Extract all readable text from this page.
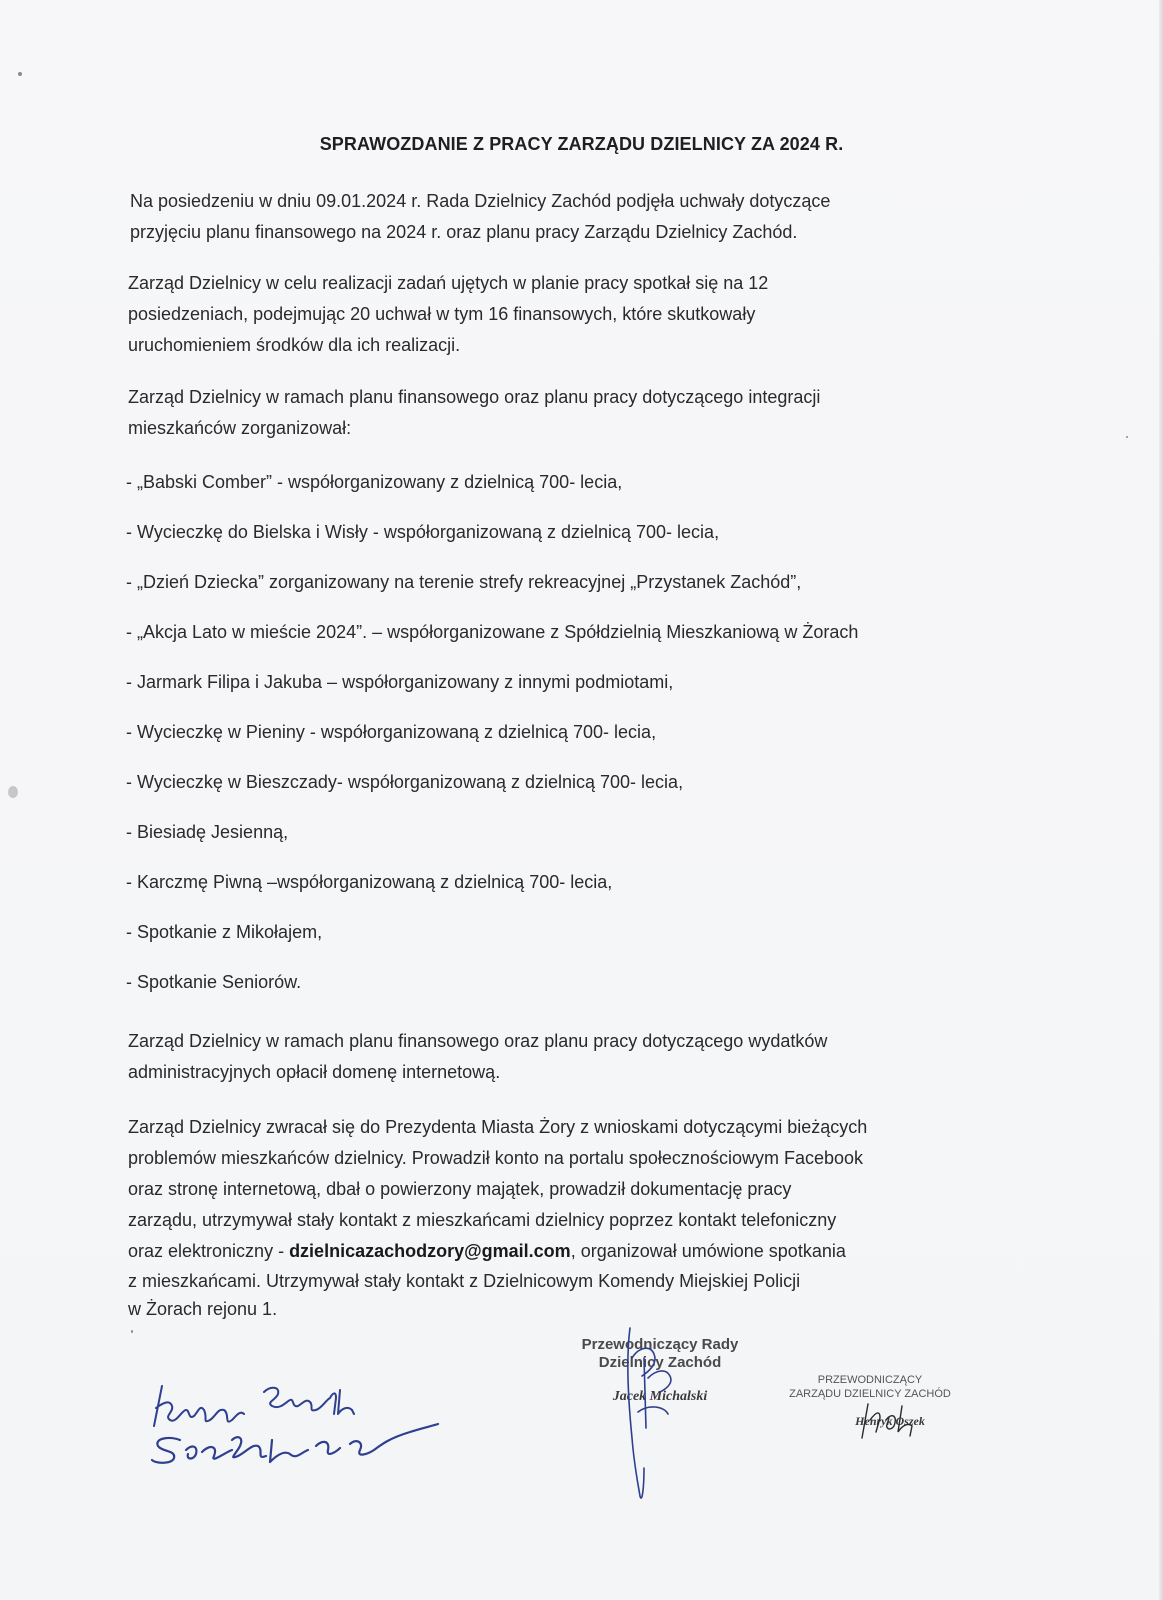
SPRAWOZDANIE Z PRACY ZARZĄDU DZIELNICY ZA 2024 R.
Na posiedzeniu w dniu 09.01.2024 r. Rada Dzielnicy Zachód podjęła uchwały dotyczące
przyjęciu planu finansowego na 2024 r. oraz planu pracy Zarządu Dzielnicy Zachód.
Zarząd Dzielnicy w celu realizacji zadań ujętych w planie pracy spotkał się na 12
posiedzeniach, podejmując 20 uchwał w tym 16 finansowych, które skutkowały
uruchomieniem środków dla ich realizacji.
Zarząd Dzielnicy w ramach planu finansowego oraz planu pracy dotyczącego integracji
mieszkańców zorganizował:
- „Babski Comber” - współorganizowany z dzielnicą 700- lecia,
- Wycieczkę do Bielska i Wisły - współorganizowaną z dzielnicą 700- lecia,
- „Dzień Dziecka” zorganizowany na terenie strefy rekreacyjnej „Przystanek Zachód”,
- „Akcja Lato w mieście 2024”. – współorganizowane z Spółdzielnią Mieszkaniową w Żorach
- Jarmark Filipa i Jakuba – współorganizowany z innymi podmiotami,
- Wycieczkę w Pieniny - współorganizowaną z dzielnicą 700- lecia,
- Wycieczkę w Bieszczady- współorganizowaną z dzielnicą 700- lecia,
- Biesiadę Jesienną,
- Karczmę Piwną –współorganizowaną z dzielnicą 700- lecia,
- Spotkanie z Mikołajem,
- Spotkanie Seniorów.
Zarząd Dzielnicy w ramach planu finansowego oraz planu pracy dotyczącego wydatków
administracyjnych opłacił domenę internetową.
Zarząd Dzielnicy zwracał się do Prezydenta Miasta Żory z wnioskami dotyczącymi bieżących
problemów mieszkańców dzielnicy. Prowadził konto na portalu społecznościowym Facebook
oraz stronę internetową, dbał o powierzony majątek, prowadził dokumentację pracy
zarządu, utrzymywał stały kontakt z mieszkańcami dzielnicy poprzez kontakt telefoniczny
oraz elektroniczny - dzielnicazachodzory@gmail.com, organizował umówione spotkania
z mieszkańcami. Utrzymywał stały kontakt z Dzielnicowym Komendy Miejskiej Policji
w Żorach rejonu 1.
Przewodniczący Rady
Dzielnicy Zachód
Jacek Michalski
PRZEWODNICZĄCY
ZARZĄDU DZIELNICY ZACHÓD
Henryk Oszek
